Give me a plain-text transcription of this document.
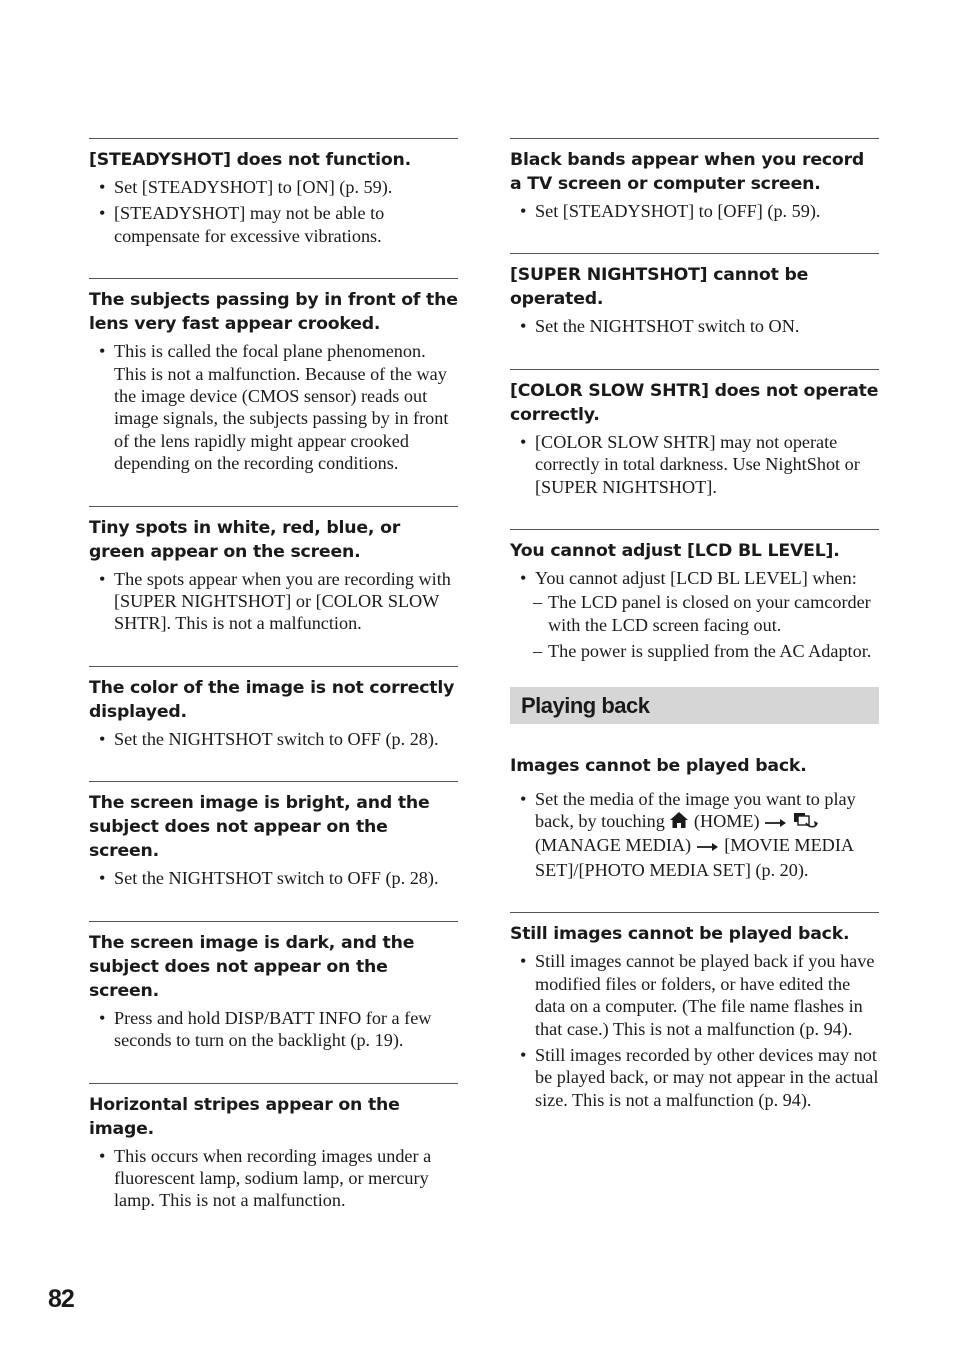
[STEADYSHOT] does not function.
• Set [STEADYSHOT] to [ON] (p. 59).
• [STEADYSHOT] may not be able to compensate for excessive vibrations.
The subjects passing by in front of the lens very fast appear crooked.
• This is called the focal plane phenomenon. This is not a malfunction. Because of the way the image device (CMOS sensor) reads out image signals, the subjects passing by in front of the lens rapidly might appear crooked depending on the recording conditions.
Tiny spots in white, red, blue, or green appear on the screen.
• The spots appear when you are recording with [SUPER NIGHTSHOT] or [COLOR SLOW SHTR]. This is not a malfunction.
The color of the image is not correctly displayed.
• Set the NIGHTSHOT switch to OFF (p. 28).
The screen image is bright, and the subject does not appear on the screen.
• Set the NIGHTSHOT switch to OFF (p. 28).
The screen image is dark, and the subject does not appear on the screen.
• Press and hold DISP/BATT INFO for a few seconds to turn on the backlight (p. 19).
Horizontal stripes appear on the image.
• This occurs when recording images under a fluorescent lamp, sodium lamp, or mercury lamp. This is not a malfunction.
Black bands appear when you record a TV screen or computer screen.
• Set [STEADYSHOT] to [OFF] (p. 59).
[SUPER NIGHTSHOT] cannot be operated.
• Set the NIGHTSHOT switch to ON.
[COLOR SLOW SHTR] does not operate correctly.
• [COLOR SLOW SHTR] may not operate correctly in total darkness. Use NightShot or [SUPER NIGHTSHOT].
You cannot adjust [LCD BL LEVEL].
• You cannot adjust [LCD BL LEVEL] when:
– The LCD panel is closed on your camcorder with the LCD screen facing out.
– The power is supplied from the AC Adaptor.
Playing back
Images cannot be played back.
• Set the media of the image you want to play back, by touching (HOME)   (MANAGE MEDIA) [MOVIE MEDIA SET]/[PHOTO MEDIA SET] (p. 20).
Still images cannot be played back.
• Still images cannot be played back if you have modified files or folders, or have edited the data on a computer. (The file name flashes in that case.) This is not a malfunction (p. 94).
• Still images recorded by other devices may not be played back, or may not appear in the actual size. This is not a malfunction (p. 94).
82
